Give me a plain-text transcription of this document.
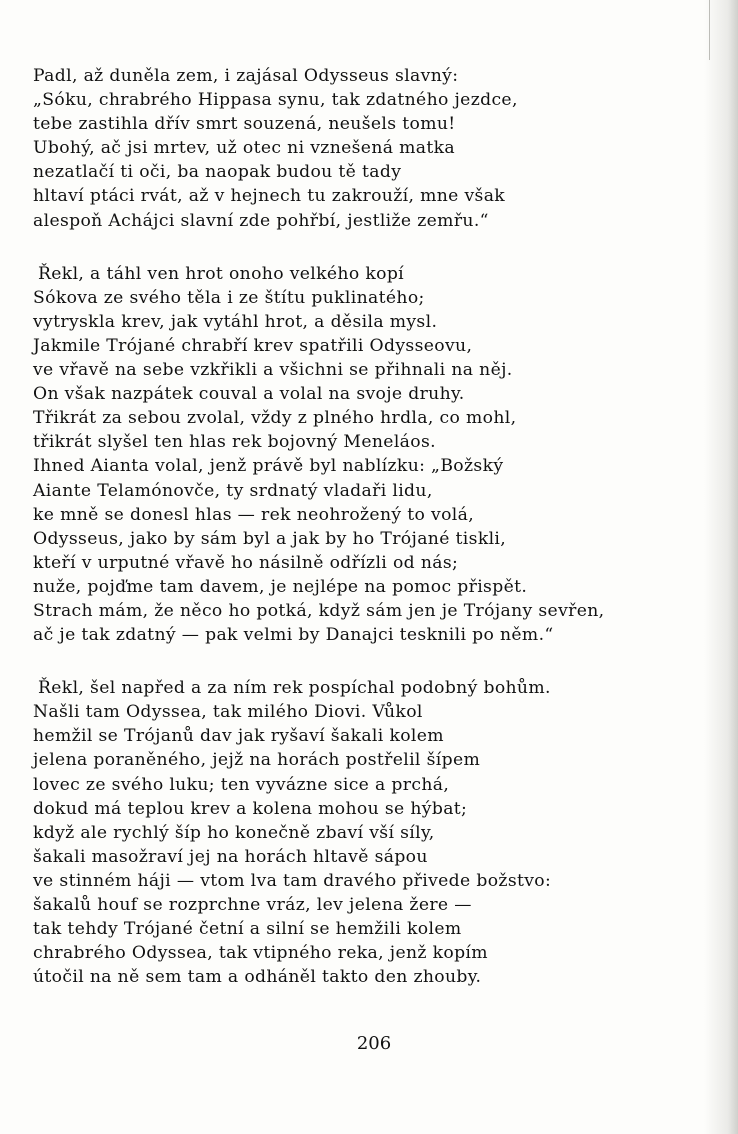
Padl, až duněla zem, i zajásal Odysseus slavný:
„Sóku, chrabrého Hippasa synu, tak zdatného jezdce,
tebe zastihla dřív smrt souzená, neušels tomu!
Ubohý, ač jsi mrtev, už otec ni vznešená matka
nezatlačí ti oči, ba naopak budou tě tady
hltaví ptáci rvát, až v hejnech tu zakrouží, mne však
alespoň Achájci slavní zde pohřbí, jestliže zemřu.“
Řekl, a táhl ven hrot onoho velkého kopí
Sókova ze svého těla i ze štítu puklinatého;
vytryskla krev, jak vytáhl hrot, a děsila mysl.
Jakmile Trójané chrabří krev spatřili Odysseovu,
ve vřavě na sebe vzkřikli a všichni se přihnali na něj.
On však nazpátek couval a volal na svoje druhy.
Třikrát za sebou zvolal, vždy z plného hrdla, co mohl,
třikrát slyšel ten hlas rek bojovný Meneláos.
Ihned Aianta volal, jenž právě byl nablízku: „Božský
Aiante Telamónovče, ty srdnatý vladaři lidu,
ke mně se donesl hlas — rek neohrožený to volá,
Odysseus, jako by sám byl a jak by ho Trójané tiskli,
kteří v urputné vřavě ho násilně odřízli od nás;
nuže, pojďme tam davem, je nejlépe na pomoc přispět.
Strach mám, že něco ho potká, když sám jen je Trójany sevřen,
ač je tak zdatný — pak velmi by Danajci tesknili po něm.“
Řekl, šel napřed a za ním rek pospíchal podobný bohům.
Našli tam Odyssea, tak milého Diovi. Vůkol
hemžil se Trójanů dav jak ryšaví šakali kolem
jelena poraněného, jejž na horách postřelil šípem
lovec ze svého luku; ten vyvázne sice a prchá,
dokud má teplou krev a kolena mohou se hýbat;
když ale rychlý šíp ho konečně zbaví vší síly,
šakali masožraví jej na horách hltavě sápou
ve stinném háji — vtom lva tam dravého přivede božstvo:
šakalů houf se rozprchne vráz, lev jelena žere —
tak tehdy Trójané četní a silní se hemžili kolem
chrabrého Odyssea, tak vtipného reka, jenž kopím
útočil na ně sem tam a odháněl takto den zhouby.
206
